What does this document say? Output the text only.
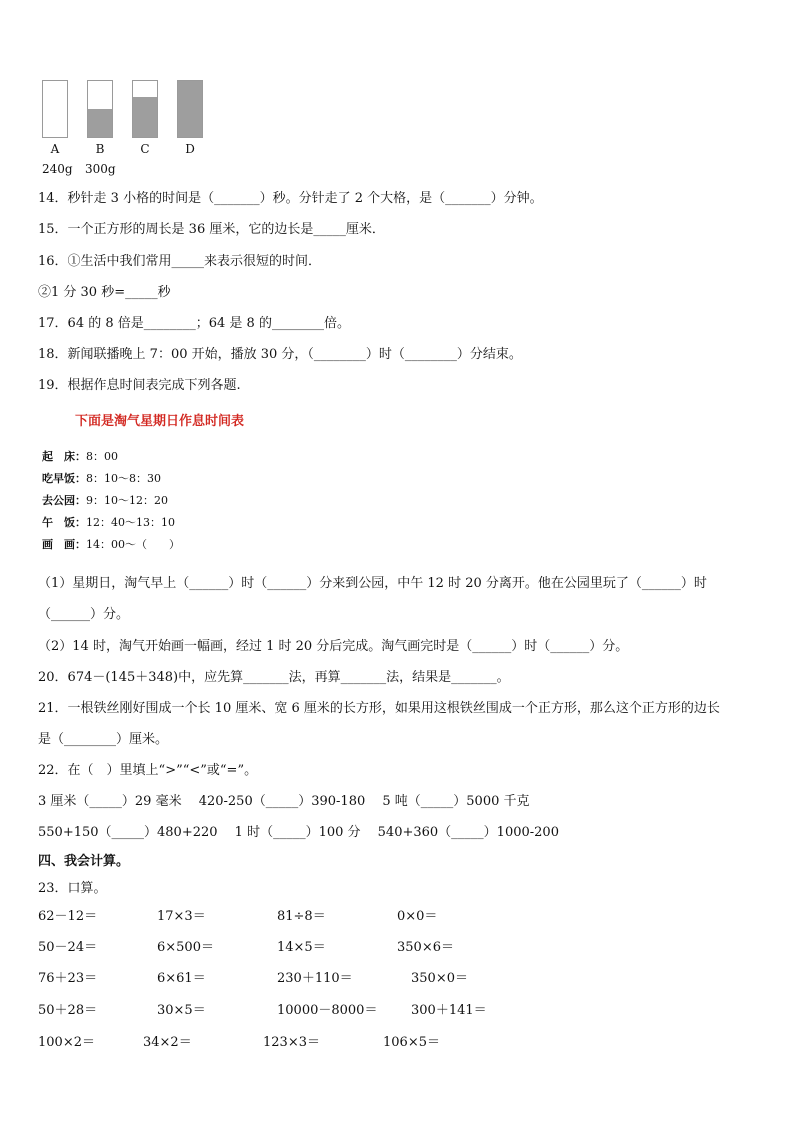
A	B	C	D
240g 300g
14．秒针走 3 小格的时间是（_______）秒。分针走了 2 个大格，是（_______）分钟。
15．一个正方形的周长是 36 厘米，它的边长是_____厘米．
16．①生活中我们常用_____来表示很短的时间．
②1 分 30 秒=_____秒
17．64 的 8 倍是________；64 是 8 的________倍。
18．新闻联播晚上 7：00 开始，播放 30 分，（________）时（________）分结束。
19．根据作息时间表完成下列各题.
下面是淘气星期日作息时间表
起　床：8：00
吃早饭：8：10～8：30
去公园：9：10～12：20
午　饭：12：40～13：10
画　画：14：00～（　　）
（1）星期日，淘气早上（______）时（______）分来到公园，中午 12 时 20 分离开。他在公园里玩了（______）时
（______）分。
（2）14 时，淘气开始画一幅画，经过 1 时 20 分后完成。淘气画完时是（______）时（______）分。
20．674－(145＋348)中，应先算_______法，再算_______法，结果是_______。
21．一根铁丝刚好围成一个长 10 厘米、宽 6 厘米的长方形，如果用这根铁丝围成一个正方形，那么这个正方形的边长
是（________）厘米。
22．在（　）里填上“>”“<”或“=”。
3 厘米（_____）29 毫米　 420-250（_____）390-180　 5 吨（_____）5000 千克
550+150（_____）480+220　 1 时（_____）100 分　 540+360（_____）1000-200
四、我会计算。
23．口算。
62－12＝	17×3＝	81÷8＝	0×0＝
50－24＝	6×500＝	14×5＝	350×6＝
76＋23＝	6×61＝	230＋110＝	350×0＝
50＋28＝	30×5＝	10000－8000＝	300＋141＝
100×2＝	34×2＝	123×3＝	106×5＝
